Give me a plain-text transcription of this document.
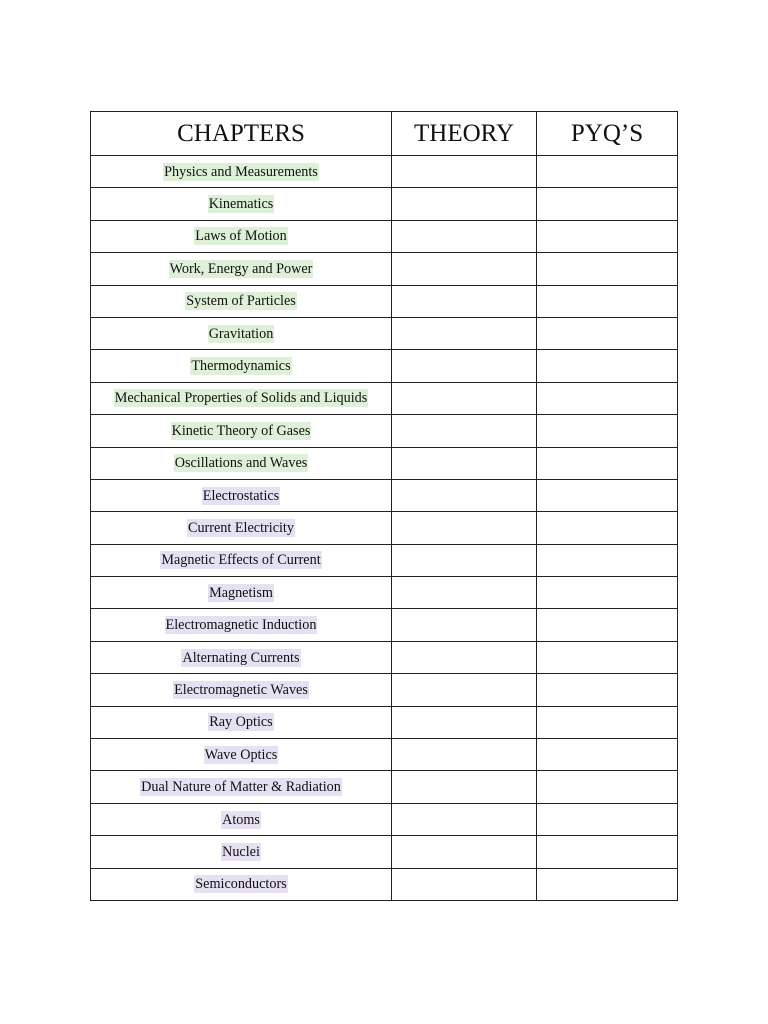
CHAPTERS	THEORY	PYQ’S
Physics and Measurements		
Kinematics		
Laws of Motion		
Work, Energy and Power		
System of Particles		
Gravitation		
Thermodynamics		
Mechanical Properties of Solids and Liquids		
Kinetic Theory of Gases		
Oscillations and Waves		
Electrostatics		
Current Electricity		
Magnetic Effects of Current		
Magnetism		
Electromagnetic Induction		
Alternating Currents		
Electromagnetic Waves		
Ray Optics		
Wave Optics		
Dual Nature of Matter & Radiation		
Atoms		
Nuclei		
Semiconductors		
